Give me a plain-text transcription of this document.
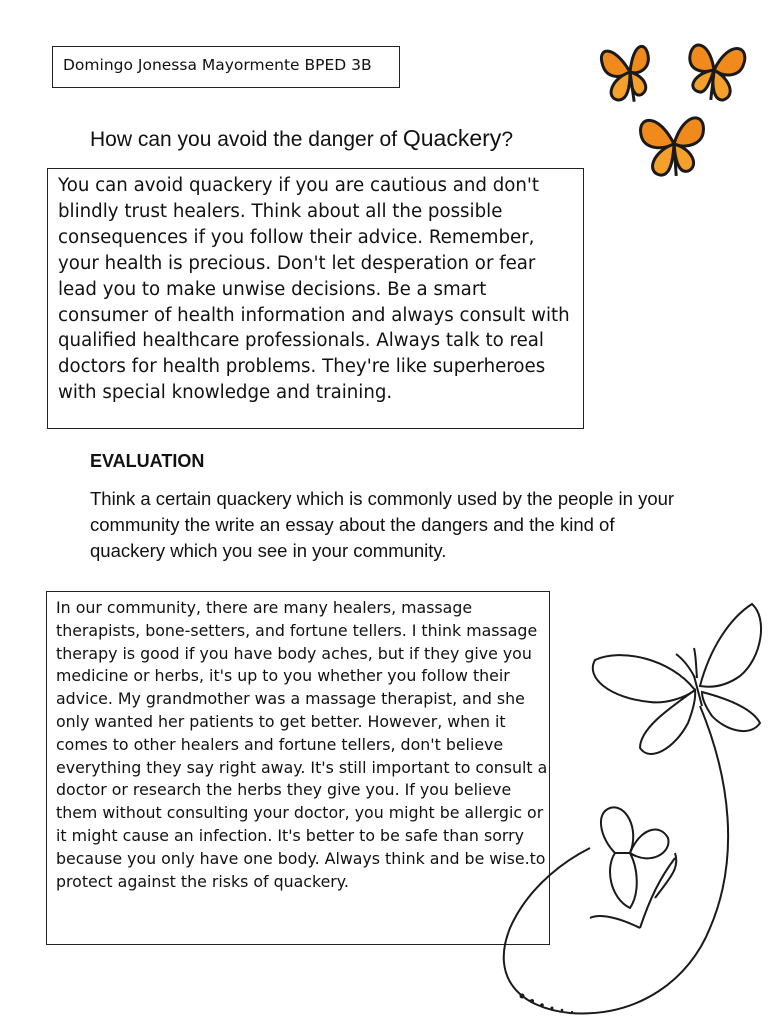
Domingo Jonessa Mayormente BPED 3B
How can you avoid the danger of Quackery?

You can avoid quackery if you are cautious and don't blindly trust healers. Think about all the possible consequences if you follow their advice. Remember, your health is precious. Don't let desperation or fear lead you to make unwise decisions. Be a smart consumer of health information and always consult with qualified healthcare professionals. Always talk to real doctors for health problems. They're like superheroes with special knowledge and training.

EVALUATION

Think a certain quackery which is commonly used by the people in your community the write an essay about the dangers and the kind of quackery which you see in your community.

In our community, there are many healers, massage therapists, bone-setters, and fortune tellers. I think massage therapy is good if you have body aches, but if they give you medicine or herbs, it's up to you whether you follow their advice. My grandmother was a massage therapist, and she only wanted her patients to get better. However, when it comes to other healers and fortune tellers, don't believe everything they say right away. It's still important to consult a doctor or research the herbs they give you. If you believe them without consulting your doctor, you might be allergic or it might cause an infection. It's better to be safe than sorry because you only have one body. Always think and be wise.to protect against the risks of quackery.
